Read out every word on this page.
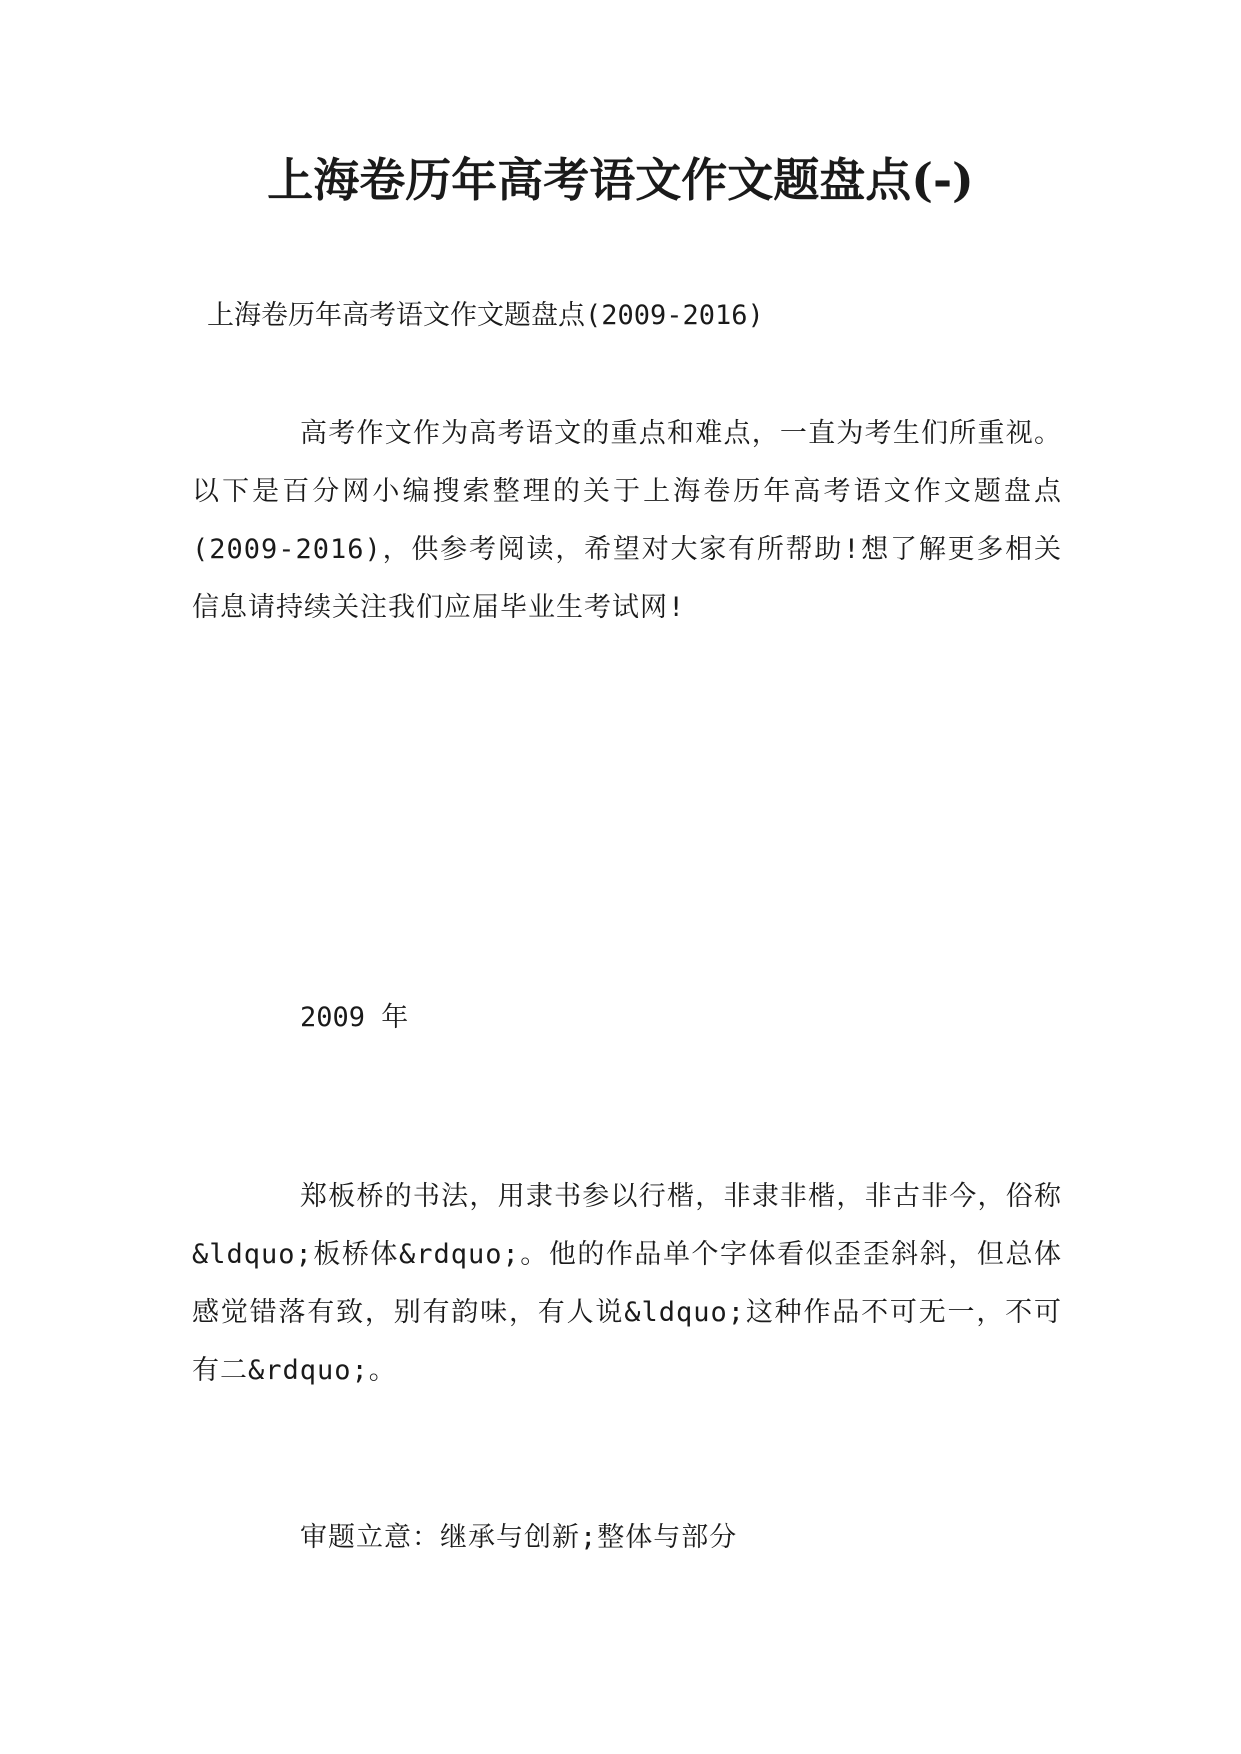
上海卷历年高考语文作文题盘点(-)

上海卷历年高考语文作文题盘点(2009-2016)

高考作文作为高考语文的重点和难点，一直为考生们所重视。以下是百分网小编搜索整理的关于上海卷历年高考语文作文题盘点(2009-2016)，供参考阅读，希望对大家有所帮助!想了解更多相关信息请持续关注我们应届毕业生考试网!

2009 年

郑板桥的书法，用隶书参以行楷，非隶非楷，非古非今，俗称&ldquo;板桥体&rdquo;。他的作品单个字体看似歪歪斜斜，但总体感觉错落有致，别有韵味，有人说&ldquo;这种作品不可无一，不可有二&rdquo;。

审题立意：继承与创新;整体与部分
